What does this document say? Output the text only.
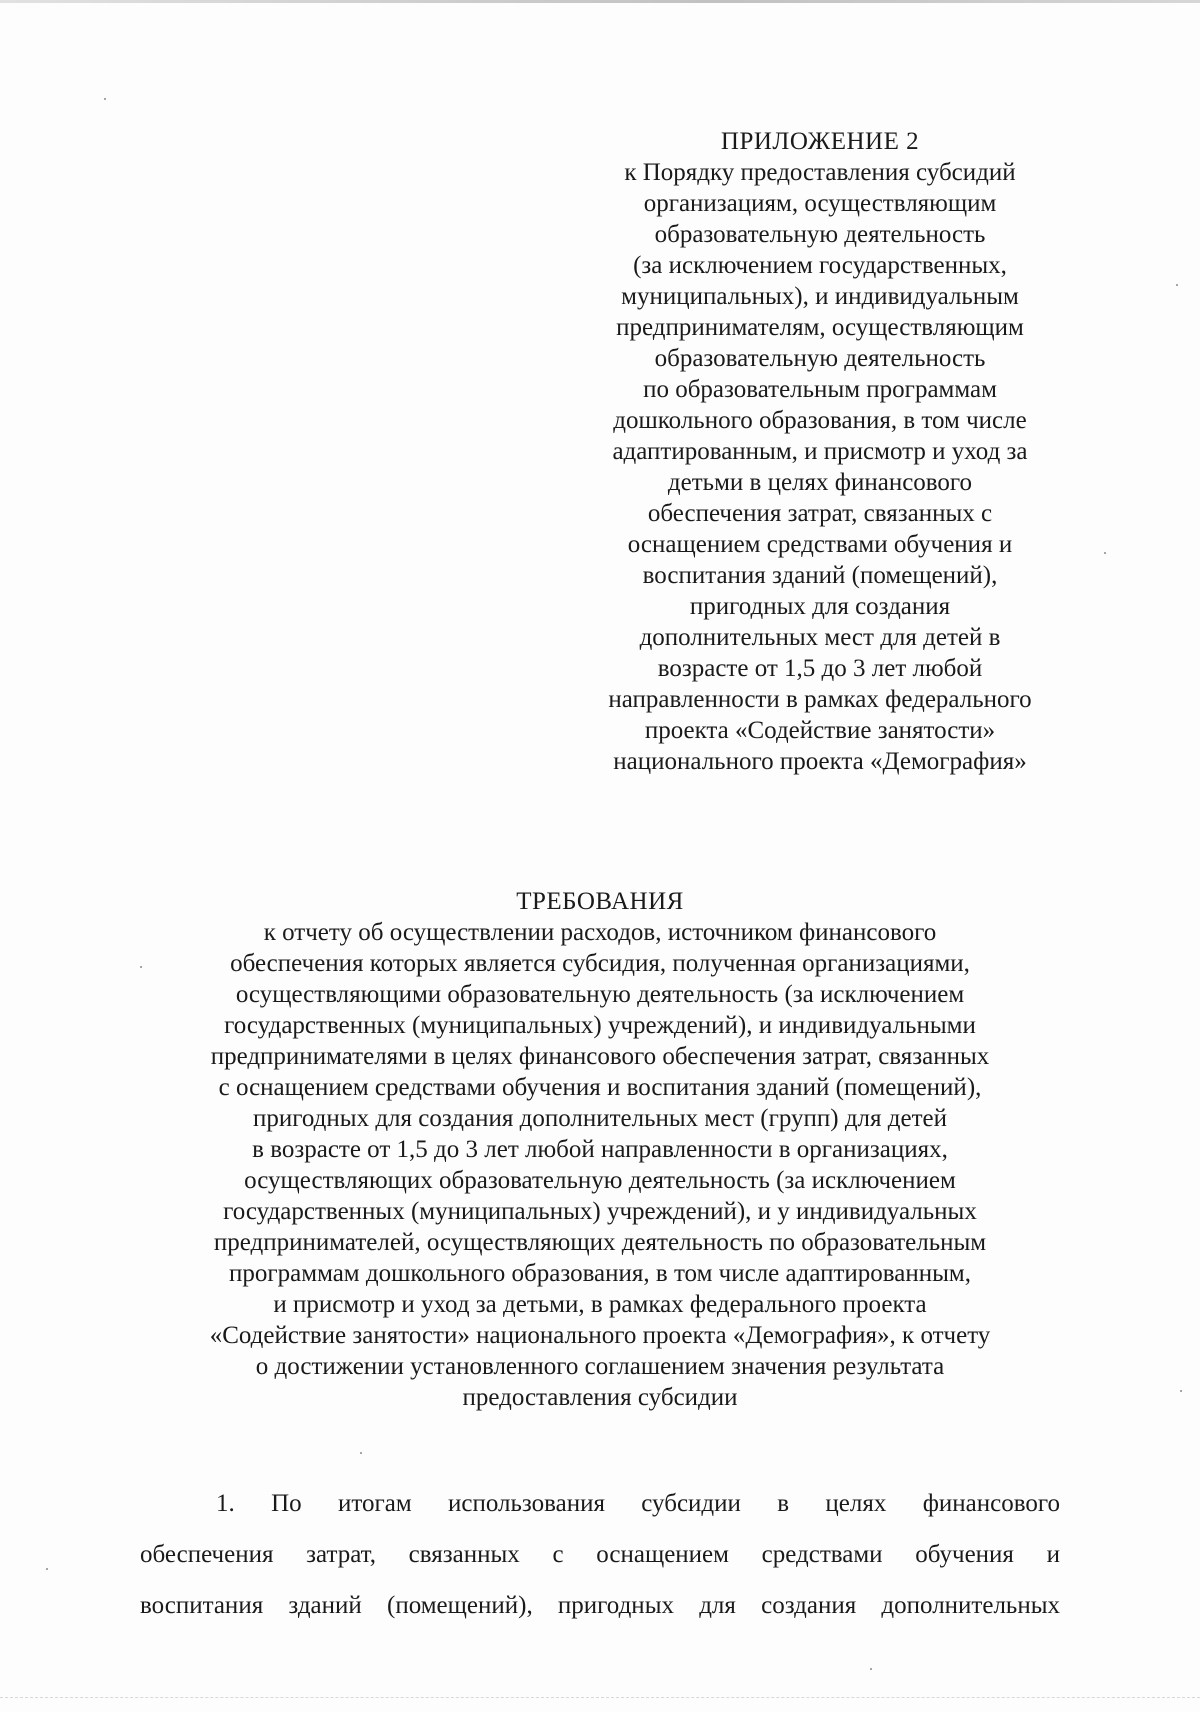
ПРИЛОЖЕНИЕ 2
к Порядку предоставления субсидий
организациям, осуществляющим
образовательную деятельность
(за исключением государственных,
муниципальных), и индивидуальным
предпринимателям, осуществляющим
образовательную деятельность
по образовательным программам
дошкольного образования, в том числе
адаптированным, и присмотр и уход за
детьми в целях финансового
обеспечения затрат, связанных с
оснащением средствами обучения и
воспитания зданий (помещений),
пригодных для создания
дополнительных мест для детей в
возрасте от 1,5 до 3 лет любой
направленности в рамках федерального
проекта «Содействие занятости»
национального проекта «Демография»
ТРЕБОВАНИЯ
к отчету об осуществлении расходов, источником финансового
обеспечения которых является субсидия, полученная организациями,
осуществляющими образовательную деятельность (за исключением
государственных (муниципальных) учреждений), и индивидуальными
предпринимателями в целях финансового обеспечения затрат, связанных
с оснащением средствами обучения и воспитания зданий (помещений),
пригодных для создания дополнительных мест (групп) для детей
в возрасте от 1,5 до 3 лет любой направленности в организациях,
осуществляющих образовательную деятельность (за исключением
государственных (муниципальных) учреждений), и у индивидуальных
предпринимателей, осуществляющих деятельность по образовательным
программам дошкольного образования, в том числе адаптированным,
и присмотр и уход за детьми, в рамках федерального проекта
«Содействие занятости» национального проекта «Демография», к отчету
о достижении установленного соглашением значения результата
предоставления субсидии
1. По итогам использования субсидии в целях финансового
обеспечения затрат, связанных с оснащением средствами обучения и
воспитания зданий (помещений), пригодных для создания дополнительных
